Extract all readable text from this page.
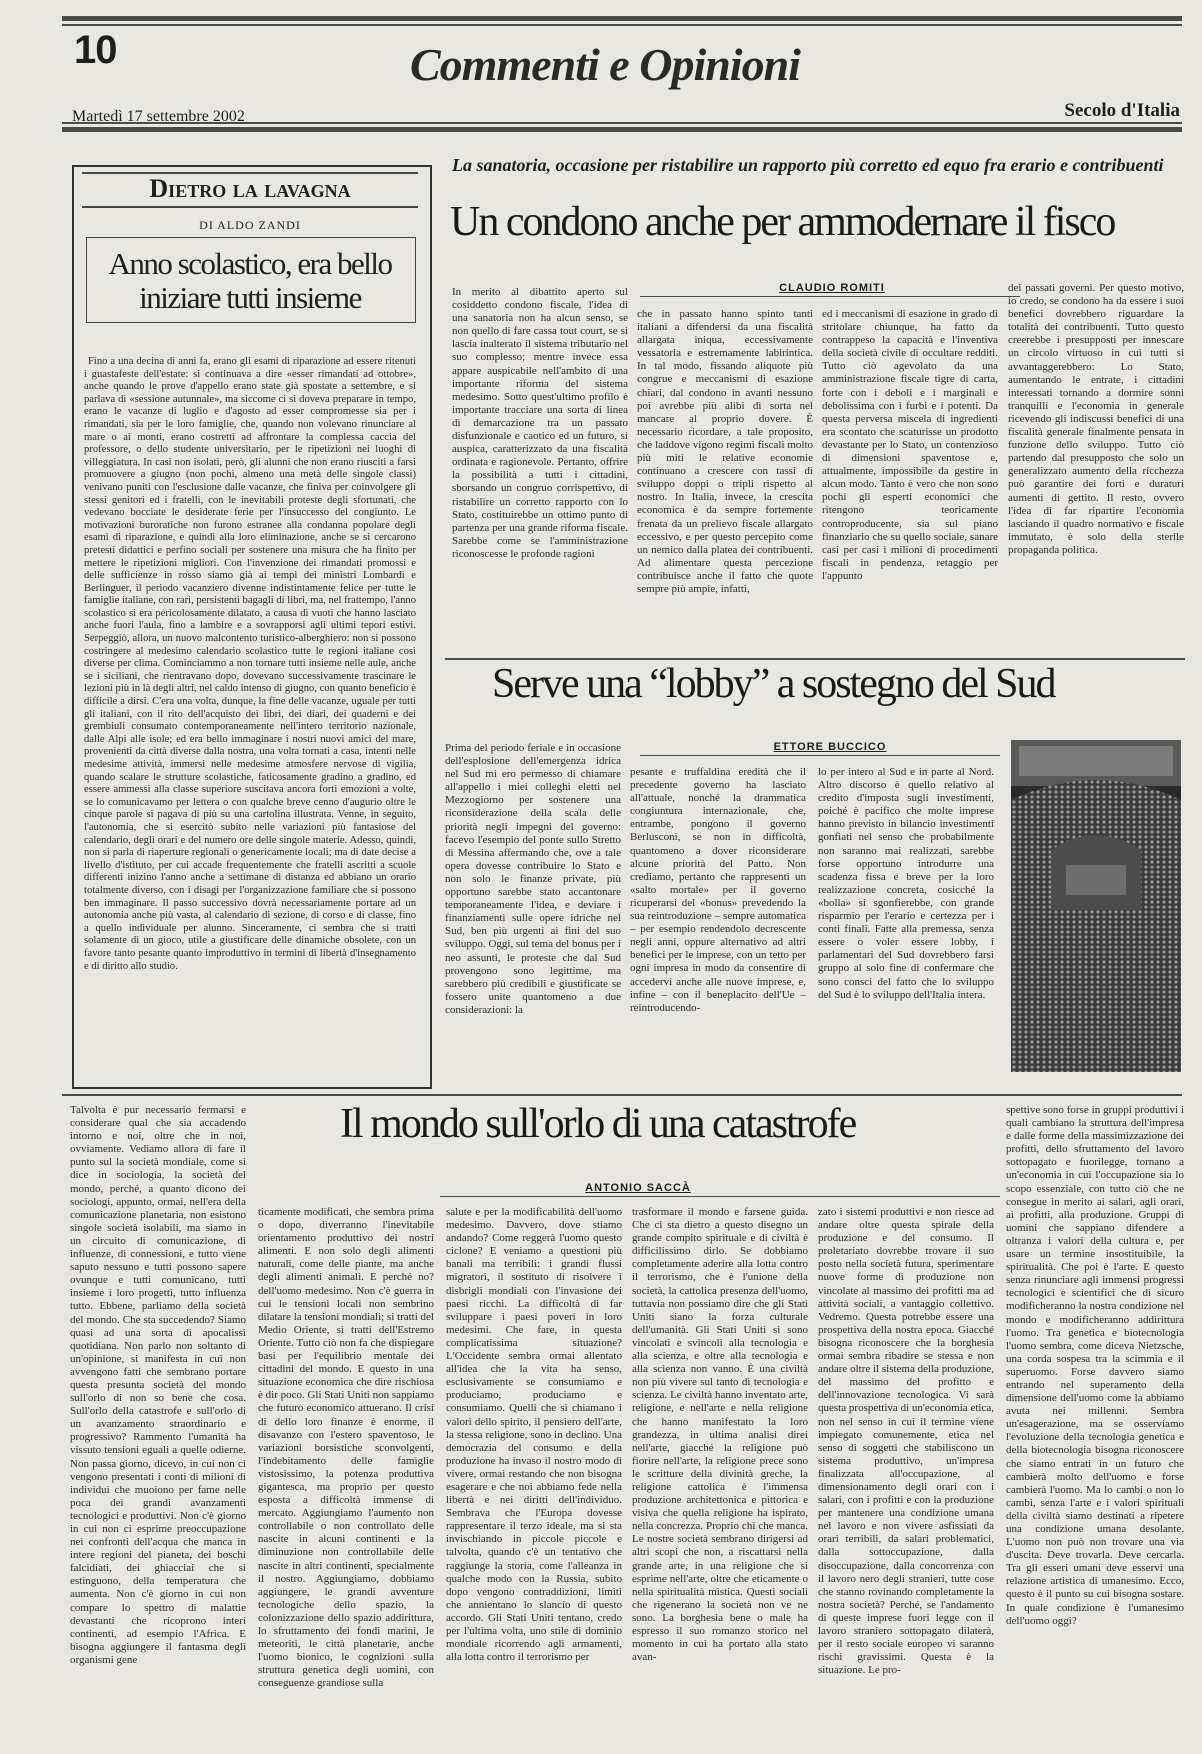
10	Commenti e Opinioni
Martedì 17 settembre 2002	Secolo d'Italia
Dietro la lavagna
DI ALDO ZANDI
Anno scolastico, era bello iniziare tutti insieme
Fino a una decina di anni fa, erano gli esami di riparazione ad essere ritenuti i guastafeste dell'estate: si continuava a dire «esser rimandati ad ottobre», anche quando le prove d'appello erano state già spostate a settembre, e si parlava di «sessione autunnale», ma siccome ci si doveva preparare in tempo, erano le vacanze di luglio e d'agosto ad esser compromesse sia per i rimandati, sia per le loro famiglie, che, quando non volevano rinunciare al mare o ai monti, erano costretti ad affrontare la complessa caccia del professore, o dello studente universitario, per le ripetizioni nei luoghi di villeggiatura. In casi non isolati, però, gli alunni che non erano riusciti a farsi promuovere a giugno (non pochi, almeno una metà delle singole classi) venivano puniti con l'esclusione dalle vacanze, che finiva per coinvolgere gli stessi genitori ed i fratelli, con le inevitabili proteste degli sfortunati, che vedevano bocciate le desiderate ferie per l'insuccesso del congiunto. Le motivazioni buroratiche non furono estranee alla condanna popolare degli esami di riparazione, e quindi alla loro eliminazione, anche se si cercarono pretesti didattici e perfino sociali per sostenere una misura che ha finito per mettere le ripetizioni migliori. Con l'invenzione dei rimandati promossi e delle sufficienze in rosso siamo già ai tempi dei ministri Lombardi e Berlinguer, il periodo vacanziero divenne indistintamente felice per tutte le famiglie italiane, con rari, persistenti bagagli di libri, ma, nel frattempo, l'anno scolastico si era pericolosamente dilatato, a causa di vuoti che hanno lasciato anche fuori l'aula, fino a lambire e a sovrapporsi agli ultimi tepori estivi. Serpeggiò, allora, un nuovo malcontento turistico-alberghiero: non si possono costringere al medesimo calendario scolastico tutte le regioni italiane così diverse per clima. Cominciammo a non tornare tutti insieme nelle aule, anche se i siciliani, che rientravano dopo, dovevano successivamente trascinare le lezioni più in là degli altri, nel caldo intenso di giugno, con quanto beneficio è difficile a dirsi. C'era una volta, dunque, la fine delle vacanze, uguale per tutti gli italiani, con il rito dell'acquisto dei libri, dei diari, dei quaderni e dei grembiuli consumato contemporaneamente nell'intero territorio nazionale, dalle Alpi alle isole; ed era bello immaginare i nostri nuovi amici del mare, provenienti da città diverse dalla nostra, una volta tornati a casa, intenti nelle medesime attività, immersi nelle medesime atmosfere nervose di vigilia, quando scalare le strutture scolastiche, faticosamente gradino a gradino, ed essere ammessi alla classe superiore suscitava ancora forti emozioni a volte, se lo comunicavamo per lettera o con qualche breve cenno d'augurio oltre le cinque parole si pagava di più su una cartolina illustrata. Venne, in seguito, l'autonomia, che si esercitò subito nelle variazioni più fantasiose del calendario, degli orari e del numero ore delle singole materie. Adesso, quindi, non si parla di riaperture regionali o genericamente locali; ma di date decise a livello d'istituto, per cui accade frequentemente che fratelli ascritti a scuole differenti inizino l'anno anche a settimane di distanza ed abbiano un orario totalmente diverso, con i disagi per l'organizzazione familiare che si possono ben immaginare. Il passo successivo dovrà necessariamente portare ad un autonomia anche più vasta, al calendario di sezione, di corso e di classe, fino a quello individuale per alunno. Sinceramente, ci sembra che si tratti solamente di un gioco, utile a giustificare delle dinamiche obsolete, con un favore tanto pesante quanto improduttivo in termini di libertà d'insegnamento e di diritto allo studio.
La sanatoria, occasione per ristabilire un rapporto più corretto ed equo fra erario e contribuenti
Un condono anche per ammodernare il fisco
CLAUDIO ROMITI
In merito al dibattito aperto sul cosiddetto condono fiscale, l'idea di una sanatoria non ha alcun senso, se non quello di fare cassa tout court, se si lascia inalterato il sistema tributario nel suo complesso; mentre invece essa appare auspicabile nell'ambito di una importante riforma del sistema medesimo. Sotto quest'ultimo profilo è importante tracciare una sorta di linea di demarcazione tra un passato disfunzionale e caotico ed un futuro, si auspica, caratterizzato da una fiscalità ordinata e ragionevole. Pertanto, offrire la possibilità a tutti i cittadini, sborsando un congruo corrispettivo, di ristabilire un corretto rapporto con lo Stato, costituirebbe un ottimo punto di partenza per una grande riforma fiscale. Sarebbe come se l'amministrazione riconoscesse le profonde ragioni
che in passato hanno spinto tanti italiani a difendersi da una fiscalità allargata iniqua, eccessivamente vessatoria e estremamente labirintica. In tal modo, fissando aliquote più congrue e meccanismi di esazione chiari, dal condono in avanti nessuno poi avrebbe più alibi di sorta nel mancare al proprio dovere. È necessario ricordare, a tale proposito, che laddove vigono regimi fiscali molto più miti le relative economie continuano a crescere con tassi di sviluppo doppi o tripli rispetto al nostro. In Italia, invece, la crescita economica è da sempre fortemente frenata da un prelievo fiscale allargato eccessivo, e per questo percepito come un nemico dalla platea dei contribuenti. Ad alimentare questa percezione contribuisce anche il fatto che quote sempre più ampie, infatti,
ed i meccanismi di esazione in grado di stritolare chiunque, ha fatto da contrappeso la capacità e l'inventiva della società civile di occultare redditi. Tutto ciò agevolato da una amministrazione fiscale tigre di carta, forte con i deboli e i marginali e debolissima con i furbi e i potenti. Da questa perversa miscela di ingredienti era scontato che scaturisse un prodotto devastante per lo Stato, un contenzioso di dimensioni spaventose e, attualmente, impossibile da gestire in alcun modo. Tanto è vero che non sono pochi gli esperti economici che ritengono teoricamente controproducente, sia sul piano finanziario che su quello sociale, sanare casi per casi i milioni di procedimenti fiscali in pendenza, retaggio per l'appunto
dei passati governi. Per questo motivo, io credo, se condono ha da essere i suoi benefici dovrebbero riguardare la totalità dei contribuenti. Tutto questo creerebbe i presupposti per innescare un circolo virtuoso in cui tutti si avvantaggerebbero: Lo Stato, aumentando le entrate, i cittadini interessati tornando a dormire sonni tranquilli e l'economia in generale ricevendo gli indiscussi benefici di una fiscalità generale finalmente pensata in funzione dello sviluppo. Tutto ciò partendo dal presupposto che solo un generalizzato aumento della ricchezza può garantire dei forti e duraturi aumenti di gettito. Il resto, ovvero l'idea di far ripartire l'economia lasciando il quadro normativo e fiscale immutato, è solo della sterile propaganda politica.
Serve una “lobby” a sostegno del Sud
ETTORE BUCCICO
Prima del periodo feriale e in occasione dell'esplosione dell'emergenza idrica nel Sud mi ero permesso di chiamare all'appello i miei colleghi eletti nel Mezzogiorno per sostenere una riconsiderazione della scala delle priorità negli impegni del governo: facevo l'esempio del ponte sullo Stretto di Messina affermando che, ove a tale opera dovesse contribuire lo Stato e non solo le finanze private, più opportuno sarebbe stato accantonare temporaneamente l'idea, e deviare i finanziamenti sulle opere idriche nel Sud, ben più urgenti ai fini del suo sviluppo. Oggi, sul tema del bonus per i neo assunti, le proteste che dal Sud provengono sono legittime, ma sarebbero più credibili e giustificate se fossero unite quantomeno a due considerazioni: la
pesante e truffaldina eredità che il precedente governo ha lasciato all'attuale, nonché la drammatica congiuntura internazionale, che, entrambe, pongono il governo Berlusconi, se non in difficoltà, quantomeno a dover riconsiderare alcune priorità del Patto. Non crediamo, pertanto che rappresenti un «salto mortale» per il governo ricuperarsi del «bonus» prevedendo la sua reintroduzione – sempre automatica – per esempio rendendolo decrescente negli anni, oppure alternativo ad altri benefici per le imprese, con un tetto per ogni impresa in modo da consentire di accedervi anche alle nuove imprese, e, infine – con il beneplacito dell'Ue – reintroducendo-
lo per intero al Sud e in parte al Nord. Altro discorso è quello relativo al credito d'imposta sugli investimenti, poiché è pacifico che molte imprese hanno previsto in bilancio investimenti gonfiati nel senso che probabilmente non saranno mai realizzati, sarebbe forse opportuno introdurre una scadenza fissa e breve per la loro realizzazione concreta, cosicché la «bolla» si sgonfierebbe, con grande risparmio per l'erario e certezza per i conti finali. Fatte alla premessa, senza essere o voler essere lobby, i parlamentari del Sud dovrebbero farsi gruppo al solo fine di confermare che sono consci del fatto che lo sviluppo del Sud è lo sviluppo dell'Italia intera.
Il mondo sull'orlo di una catastrofe
ANTONIO SACCÀ
Talvolta è pur necessario fermarsi e considerare qual che sia accadendo intorno e noi, oltre che in noi, ovviamente. Vediamo allora di fare il punto sul la società mondiale, come si dice in sociologia, la società del mondo, perché, a quanto dicono dei sociologi, appunto, ormai, nell'era della comunicazione planetaria, non esistono singole società isolabili, ma siamo in un circuito di comunicazione, di influenze, di connessioni, e tutto viene saputo nessuno e tutti possono sapere ovunque e tutti comunicano, tutti insieme i loro progetti, tutto influenza tutto. Ebbene, parliamo della società del mondo. Che sta succedendo? Siamo quasi ad una sorta di apocalissi quotidiana. Non parlo non soltanto di un'opinione, si manifesta in cui non avvengono fatti che sembrano portare questa presunta società del mondo sull'orlo di non so bene che cosa. Sull'orlo della catastrofe e sull'orlo di un avanzamento straordinario e progressivo? Rammento l'umanità ha vissuto tensioni eguali a quelle odierne. Non passa giorno, dicevo, in cui non ci vengono presentati i conti di milioni di individui che muoiono per fame nelle poca dei grandi avanzamenti tecnologici e produttivi. Non c'è giorno in cui non ci esprime preoccupazione nei confronti dell'acqua che manca in intere regioni del pianeta, dei boschi falcidiati, dei ghiacciai che si estinguono, della temperatura che aumenta. Non c'è giorno in cui non compare lo spettro di malattie devastanti che ricoprono interi continenti, ad esempio l'Africa. E bisogna aggiungere il fantasma degli organismi gene
ticamente modificati, che sembra prima o dopo, diverranno l'inevitabile orientamento produttivo dei nostri alimenti. E non solo degli alimenti naturali, come delle piante, ma anche degli alimenti animali. E perché no? dell'uomo medesimo. Non c'è guerra in cui le tensioni locali non sembrino dilatare la tensioni mondiali; si tratti del Medio Oriente, si tratti dell'Estremo Oriente. Tutto ciò non fa che dispiegare basi per l'equilibrio mentale dei cittadini del mondo. E questo in una situazione economica che dire rischiosa è dir poco. Gli Stati Uniti non sappiamo che futuro economico attuerano. Il crisi di dello loro finanze è enorme, il disavanzo con l'estero spaventoso, le variazioni borsistiche sconvolgenti, l'indebitamento delle famiglie vistosissimo, la potenza produttiva gigantesca, ma proprio per questo esposta a difficoltà immense di mercato. Aggiungiamo l'aumento non controllabile o non controllato delle nascite in alcuni continenti e la diminuzione non controllabile delle nascite in altri continenti, specialmente il nostro. Aggiungiamo, dobbiamo aggiungere, le grandi avventure tecnologiche dello spazio, la colonizzazione dello spazio addirittura, lo sfruttamento dei fondi marini, le meteoriti, le città planetarie, anche l'uomo bionico, le cognizioni sulla struttura genetica degli uomini, con conseguenze grandiose sulla
salute e per la modificabilità dell'uomo medesimo. Davvero, dove stiamo andando? Come reggerà l'uomo questo ciclone? E veniamo a questioni più banali ma terribili: i grandi flussi migratori, il sostituto di risolvere i disbrigli mondiali con l'invasione dei paesi ricchi. La difficoltà di far sviluppare i paesi poveri in loro medesimi. Che fare, in questa complicatissima situazione? L'Occidente sembra ormai allentato all'idea che la vita ha senso, esclusivamente se consumiamo e produciamo, produciamo e consumiamo. Quelli che si chiamano i valori dello spirito, il pensiero dell'arte, la stessa religione, sono in declino. Una democrazia del consumo e della produzione ha invaso il nostro modo di vivere, ormai restando che non bisogna esagerare e che noi abbiamo fede nella libertà e nei diritti dell'individuo. Sembrava che l'Europa dovesse rappresentare il terzo ideale, ma si sta invischiando in piccole piccole e talvolta, quando c'è un tentativo che raggiunge la storia, come l'alleanza in qualche modo con la Russia, subito dopo vengono contraddizioni, limiti che annientano lo slancio di questo accordo. Gli Stati Uniti tentano, credo per l'ultima volta, uno stile di dominio mondiale ricorrendo agli armamenti, alla lotta contro il terrorismo per
trasformare il mondo e farsene guida. Che ci sta dietro a questo disegno un grande compito spirituale e di civiltà è difficilissimo dirlo. Se dobbiamo completamente aderire alla lotta contro il terrorismo, che è l'unione della società, la cattolica presenza dell'uomo, tuttavia non possiamo dire che gli Stati Uniti siano la forza culturale dell'umanità. Gli Stati Uniti si sono vincolati e svincoli alla tecnologia e alla scienza, e oltre alla tecnologia e alla scienza non vanno. È una civiltà non più vivere sul tanto di tecnologia e scienza. Le civiltà hanno inventato arte, religione, e nell'arte e nella religione che hanno manifestato la loro grandezza, in ultima analisi direi nell'arte, giacché la religione può fiorire nell'arte, la religione prece sono le scritture della divinità greche, la religione cattolica è l'immensa produzione architettonica e pittorica e visiva che quella religione ha ispirato, nella concrezza. Proprio chi che manca. Le nostre società sembrano dirigersi ad altri scopi che non, a riscattarsi nella grande arte, in una religione che si esprime nell'arte, oltre che eticamente o nella spiritualità mistica. Questi sociali che rigenerano la società non ve ne sono. La borghesia bene o male ha espresso il suo romanzo storico nel momento in cui ha portato alla stato avan-
zato i sistemi produttivi e non riesce ad andare oltre questa spirale della produzione e del consumo. Il proletariato dovrebbe trovare il suo posto nella società futura, sperimentare nuove forme di produzione non vincolate al massimo dei profitti ma ad attività sociali, a vantaggio collettivo. Vedremo. Questa potrebbe essere una prospettiva della nostra epoca. Giacché bisogna riconoscere che la borghesia ormai sembra ribadire se stessa e non andare oltre il sistema della produzione, del massimo del profitto e dell'innovazione tecnologica. Vi sarà questa prospettiva di un'economia etica, non nel senso in cui il termine viene impiegato comunemente, etica nel senso di soggetti che stabiliscono un sistema produttivo, un'impresa finalizzata all'occupazione, al dimensionamento degli orari con i salari, con i profitti e con la produzione per mantenere una condizione umana nel lavoro e non vivere asfissiati da orari terribili, da salari problematici, dalla sottoccupazione, dalla disoccupazione, dalla concorrenza con il lavoro nero degli stranieri, tutte cose che stanno rovinando completamente la nostra società? Perché, se l'andamento di queste imprese fuori legge con il lavoro straniero sottopagato dilaterà, per il resto sociale europeo vi saranno rischi gravissimi. Questa è la situazione. Le pro-
spettive sono forse in gruppi produttivi i quali cambiano la struttura dell'impresa e dalle forme della massimizzazione dei profitti, dello sfruttamento del lavoro sottopagato e fuorilegge, tornano a un'economia in cui l'occupazione sia lo scopo essenziale, con tutto ciò che ne consegue in merito ai salari, agli orari, ai profitti, alla produzione. Gruppi di uomini che sappiano difendere a oltranza i valori della cultura e, per usare un termine insostituibile, la spiritualità. Che poi è l'arte. E questo senza rinunciare agli immensi progressi tecnologici e scientifici che di sicuro modificheranno la nostra condizione nel mondo e modificheranno addirittura l'uomo. Tra genetica e biotecnologia l'uomo sembra, come diceva Nietzsche, una corda sospesa tra la scimmia e il superuomo. Forse davvero siamo entrando nel superamento della dimensione dell'uomo come la abbiamo avuta nei millenni. Sembra un'esagerazione, ma se osserviamo l'evoluzione della tecnologia genetica e della biotecnologia bisogna riconoscere che siamo entrati in un futuro che cambierà molto dell'uomo e forse cambierà l'uomo. Ma lo cambi o non lo cambi, senza l'arte e i valori spirituali della civiltà siamo destinati a ripetere una condizione umana desolante. L'uomo non può non trovare una via d'uscita. Deve trovarla. Deve cercarla. Tra gli esseri umani deve esservi una relazione artistica di umanesimo. Ecco, questo è il punto su cui bisogna sostare. In quale condizione è l'umanesimo dell'uomo oggi?
